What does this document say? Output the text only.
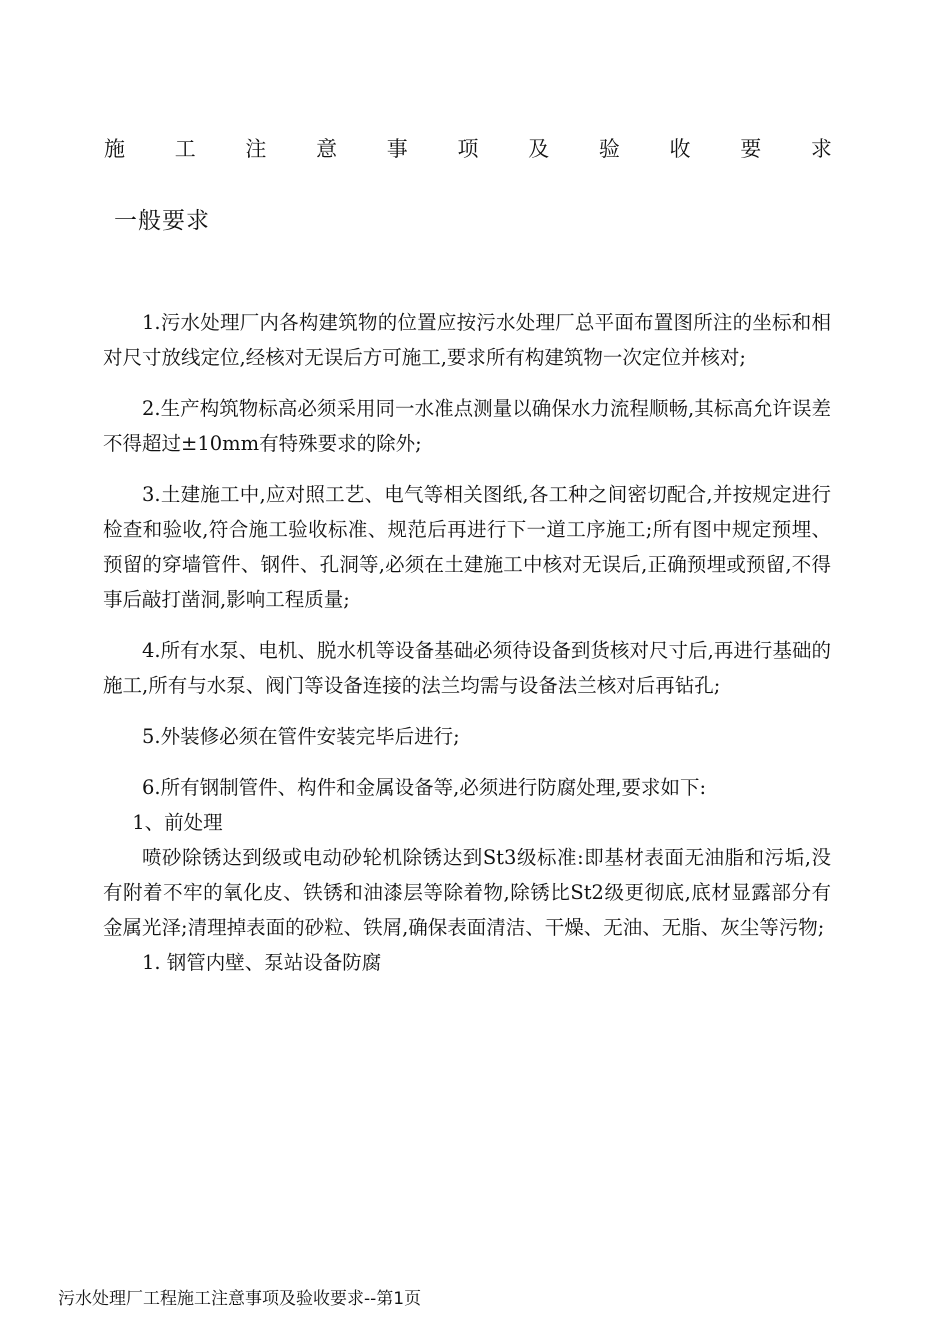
施 工 注 意 事 项 及 验 收 要 求
一般要求

1.污水处理厂内各构建筑物的位置应按污水处理厂总平面布置图所注的坐标和相对尺寸放线定位,经核对无误后方可施工,要求所有构建筑物一次定位并核对;

2.生产构筑物标高必须采用同一水准点测量以确保水力流程顺畅,其标高允许误差不得超过±10mm有特殊要求的除外;

3.土建施工中,应对照工艺、电气等相关图纸,各工种之间密切配合,并按规定进行检查和验收,符合施工验收标准、规范后再进行下一道工序施工;所有图中规定预埋、预留的穿墙管件、钢件、孔洞等,必须在土建施工中核对无误后,正确预埋或预留,不得事后敲打凿洞,影响工程质量;

4.所有水泵、电机、脱水机等设备基础必须待设备到货核对尺寸后,再进行基础的施工,所有与水泵、阀门等设备连接的法兰均需与设备法兰核对后再钻孔;

5.外装修必须在管件安装完毕后进行;

6.所有钢制管件、构件和金属设备等,必须进行防腐处理,要求如下:

1、前处理

喷砂除锈达到级或电动砂轮机除锈达到St3级标准:即基材表面无油脂和污垢,没有附着不牢的氧化皮、铁锈和油漆层等除着物,除锈比St2级更彻底,底材显露部分有金属光泽;清理掉表面的砂粒、铁屑,确保表面清洁、干燥、无油、无脂、灰尘等污物;

1. 钢管内壁、泵站设备防腐

污水处理厂工程施工注意事项及验收要求--第1页
